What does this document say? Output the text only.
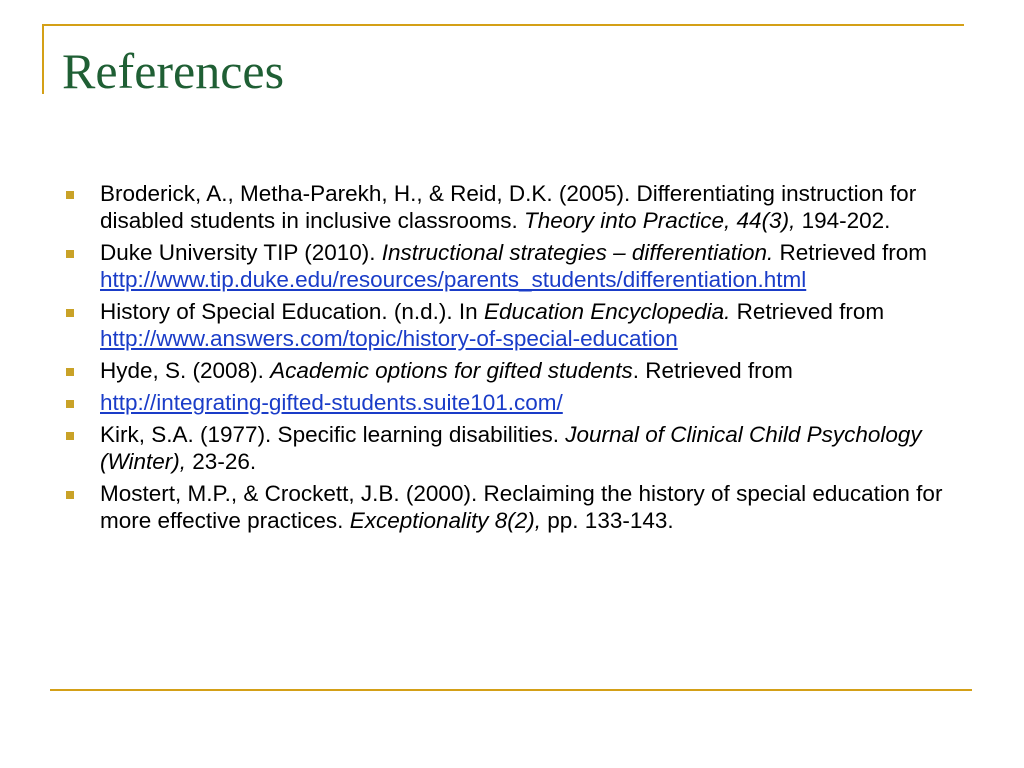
References
Broderick, A., Metha-Parekh, H., & Reid, D.K. (2005). Differentiating instruction for disabled students in inclusive classrooms. Theory into Practice, 44(3), 194-202.
Duke University TIP (2010). Instructional strategies – differentiation. Retrieved from http://www.tip.duke.edu/resources/parents_students/differentiation.html
History of Special Education. (n.d.). In Education Encyclopedia. Retrieved from http://www.answers.com/topic/history-of-special-education
Hyde, S. (2008). Academic options for gifted students. Retrieved from
http://integrating-gifted-students.suite101.com/
Kirk, S.A. (1977). Specific learning disabilities. Journal of Clinical Child Psychology (Winter), 23-26.
Mostert, M.P., & Crockett, J.B. (2000). Reclaiming the history of special education for more effective practices. Exceptionality 8(2), pp. 133-143.
